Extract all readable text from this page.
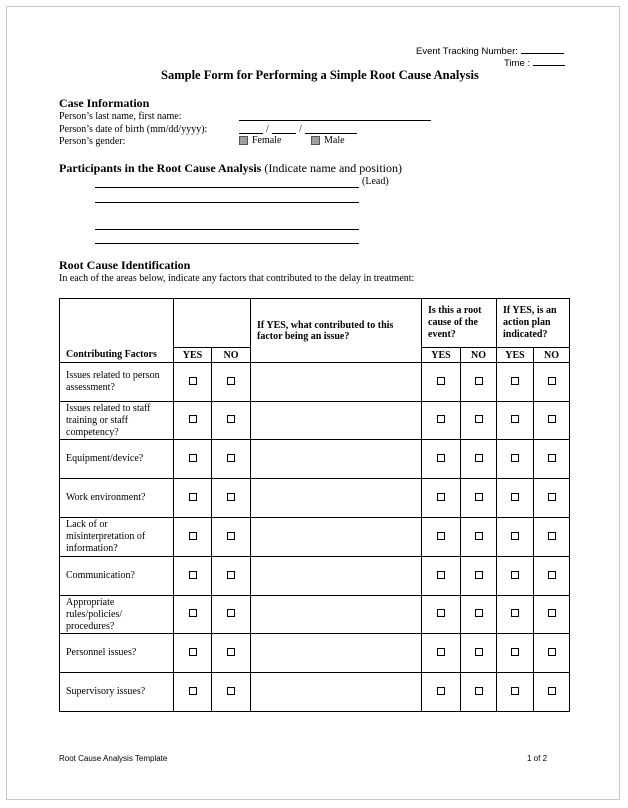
Event Tracking Number:
Time :
Sample Form for Performing a Simple Root Cause Analysis
Case Information
Person’s last name, first name:
Person’s date of birth (mm/dd/yyyy):	/	/
Person’s gender:	Female	Male
Participants in the Root Cause Analysis (Indicate name and position)
(Lead)
Root Cause Identification
In each of the areas below, indicate any factors that contributed to the delay in treatment:
Contributing Factors			If YES, what contributed to this factor being an issue?	Is this a root cause of the event?		If YES, is an action plan indicated?	
	YES	NO		YES	NO	YES	NO
Issues related to person assessment?							
Issues related to staff training or staff competency?							
Equipment/device?							
Work environment?							
Lack of or misinterpretation of information?							
Communication?							
Appropriate rules/policies/ procedures?							
Personnel issues?							
Supervisory issues?							
Root Cause Analysis Template	1 of 2
